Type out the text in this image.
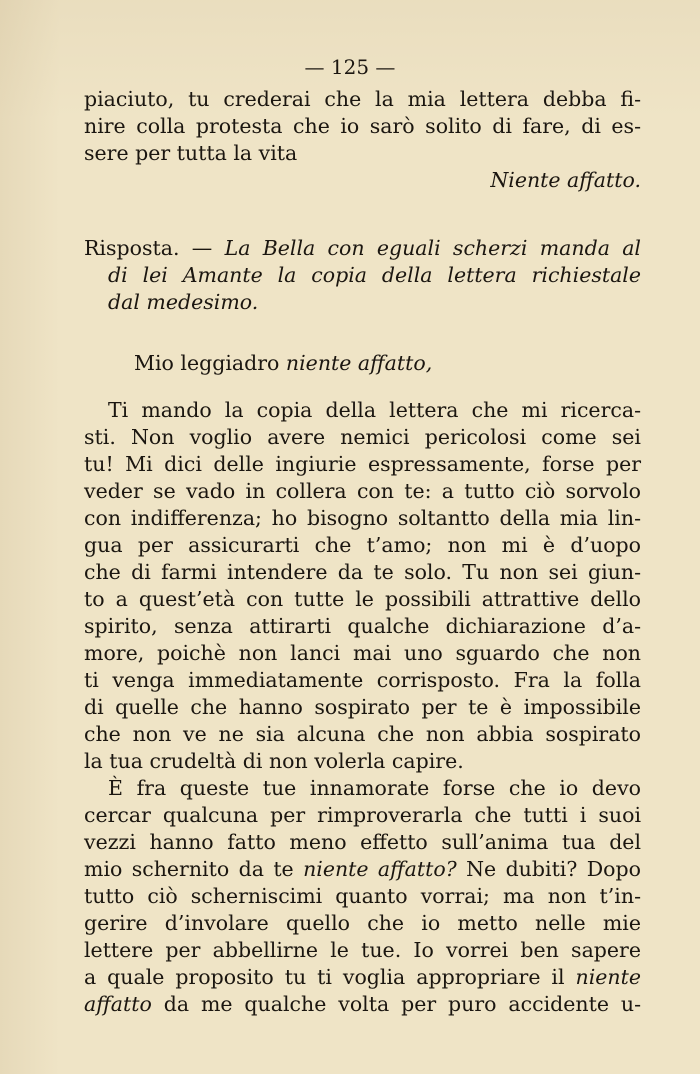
— 125 —
piaciuto, tu crederai che la mia lettera debba fi-
nire colla protesta che io sarò solito di fare, di es-
sere per tutta la vita
Niente affatto.
Risposta. — La Bella con eguali scherzi manda al
di lei Amante la copia della lettera richiestale
dal medesimo.
Mio leggiadro niente affatto,
Ti mando la copia della lettera che mi ricerca-
sti. Non voglio avere nemici pericolosi come sei
tu! Mi dici delle ingiurie espressamente, forse per
veder se vado in collera con te: a tutto ciò sorvolo
con indifferenza; ho bisogno soltantto della mia lin-
gua per assicurarti che t’amo; non mi è d’uopo
che di farmi intendere da te solo. Tu non sei giun-
to a quest’età con tutte le possibili attrattive dello
spirito, senza attirarti qualche dichiarazione d’a-
more, poichè non lanci mai uno sguardo che non
ti venga immediatamente corrisposto. Fra la folla
di quelle che hanno sospirato per te è impossibile
che non ve ne sia alcuna che non abbia sospirato
la tua crudeltà di non volerla capire.
È fra queste tue innamorate forse che io devo
cercar qualcuna per rimproverarla che tutti i suoi
vezzi hanno fatto meno effetto sull’anima tua del
mio schernito da te niente affatto? Ne dubiti? Dopo
tutto ciò scherniscimi quanto vorrai; ma non t’in-
gerire d’involare quello che io metto nelle mie
lettere per abbellirne le tue. Io vorrei ben sapere
a quale proposito tu ti voglia appropriare il niente
affatto da me qualche volta per puro accidente u-
